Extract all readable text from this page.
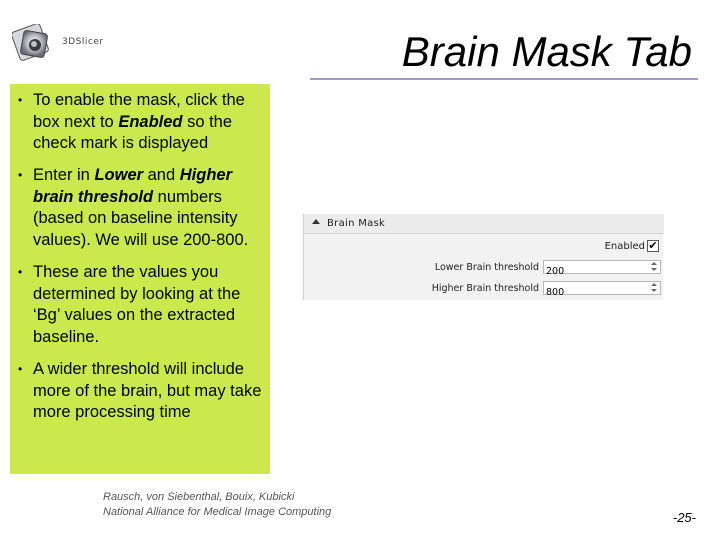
3DSlicer	Brain Mask Tab
• To enable the mask, click the box next to Enabled so the check mark is displayed
• Enter in Lower and Higher brain threshold numbers (based on baseline intensity values). We will use 200-800.
• These are the values you determined by looking at the ‘Bg’ values on the extracted baseline.
• A wider threshold will include more of the brain, but may take more processing time
Brain Mask
Enabled ✔
Lower Brain threshold
200
Higher Brain threshold
800
Rausch, von Siebenthal, Bouix, Kubicki
National Alliance for Medical Image Computing	-25-
